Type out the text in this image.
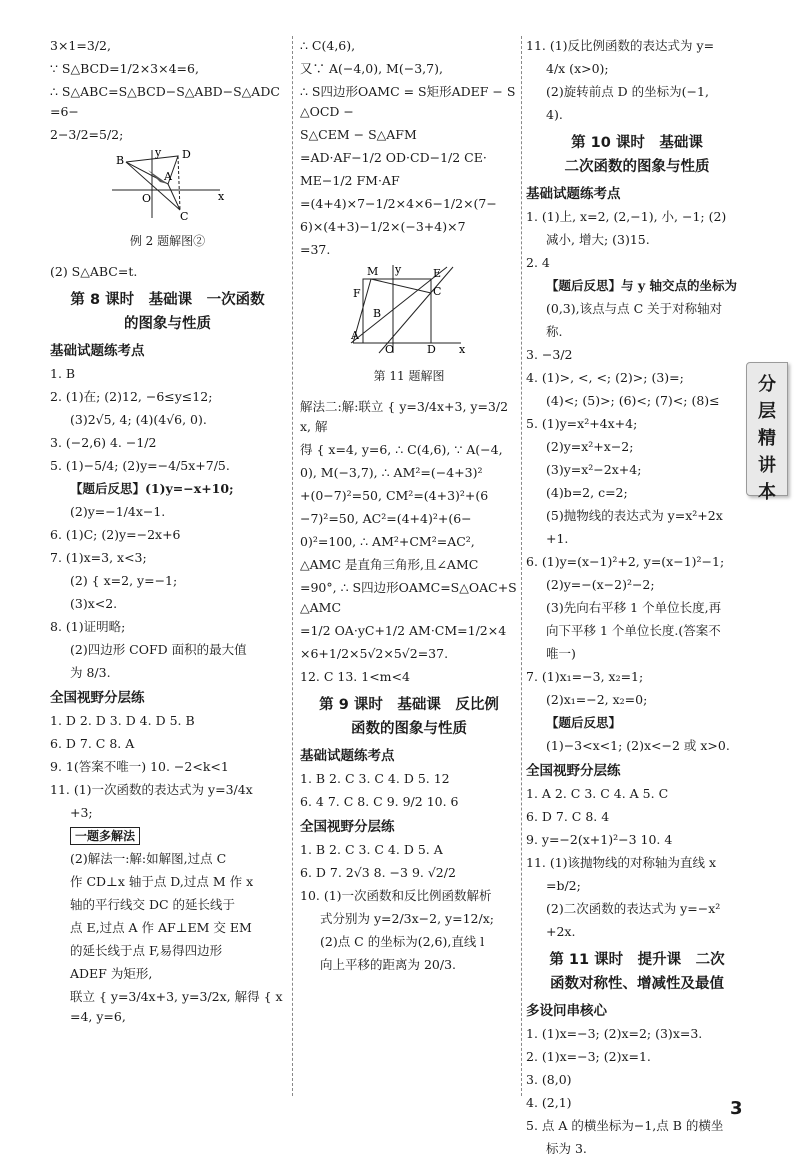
3×1=3/2,

∵ S△BCD=1/2×3×4=6,

∴ S△ABC=S△BCD−S△ABD−S△ADC=6−

2−3/2=5/2;

B	D
A
O	x
C
y

例 2 题解图②

(2) S△ABC=t.

第 8 课时　基础课　一次函数

的图象与性质

基础试题练考点

1. B

2. (1)在; (2)12, −6≤y≤12;

(3)2√5, 4; (4)(4√6, 0).

3. (−2,6) 4. −1/2

5. (1)−5/4; (2)y=−4/5x+7/5.

【题后反思】(1)y=−x+10;

(2)y=−1/4x−1.

6. (1)C; (2)y=−2x+6

7. (1)x=3, x<3;

(2) { x=2, y=−1;

(3)x<2.

8. (1)证明略;

(2)四边形 COFD 面积的最大值

为 8/3.

全国视野分层练

1. D 2. D 3. D 4. D 5. B

6. D 7. C 8. A

9. 1(答案不唯一) 10. −2<k<1

11. (1)一次函数的表达式为 y=3/4x

+3;

一题多解法

(2)解法一:解:如解图,过点 C

作 CD⊥x 轴于点 D,过点 M 作 x

轴的平行线交 DC 的延长线于

点 E,过点 A 作 AF⊥EM 交 EM

的延长线于点 F,易得四边形

ADEF 为矩形,

联立 { y=3/4x+3, y=3/2x, 解得 { x=4, y=6,

∴ C(4,6),

又∵ A(−4,0), M(−3,7),

∴ S四边形OAMC = S矩形ADEF − S△OCD −

S△CEM − S△AFM

=AD·AF−1/2 OD·CD−1/2 CE·

ME−1/2 FM·AF

=(4+4)×7−1/2×4×6−1/2×(7−

6)×(4+3)−1/2×(−3+4)×7

=37.

y
F
M	E
C
B
A
O	D x

第 11 题解图

解法二:解:联立 { y=3/4x+3, y=3/2x, 解

得 { x=4, y=6, ∴ C(4,6), ∵ A(−4,

0), M(−3,7), ∴ AM²=(−4+3)²

+(0−7)²=50, CM²=(4+3)²+(6

−7)²=50, AC²=(4+4)²+(6−

0)²=100, ∴ AM²+CM²=AC²,

△AMC 是直角三角形,且∠AMC

=90°, ∴ S四边形OAMC=S△OAC+S△AMC

=1/2 OA·yC+1/2 AM·CM=1/2×4

×6+1/2×5√2×5√2=37.

12. C 13. 1<m<4

第 9 课时　基础课　反比例

函数的图象与性质

基础试题练考点

1. B 2. C 3. C 4. D 5. 12

6. 4 7. C 8. C 9. 9/2 10. 6

全国视野分层练

1. B 2. C 3. C 4. D 5. A

6. D 7. 2√3 8. −3 9. √2/2

10. (1)一次函数和反比例函数解析

式分别为 y=2/3x−2, y=12/x;

(2)点 C 的坐标为(2,6),直线 l

向上平移的距离为 20/3.

11. (1)反比例函数的表达式为 y=

4/x (x>0);

(2)旋转前点 D 的坐标为(−1,

4).

第 10 课时　基础课

二次函数的图象与性质

基础试题练考点

1. (1)上, x=2, (2,−1), 小, −1; (2)

减小, 增大; (3)15.

2. 4

【题后反思】与 y 轴交点的坐标为

(0,3),该点与点 C 关于对称轴对

称.

3. −3/2

4. (1)>, <, <; (2)>; (3)=;

(4)<; (5)>; (6)<; (7)<; (8)≤

5. (1)y=x²+4x+4;

(2)y=x²+x−2;

(3)y=x²−2x+4;

(4)b=2, c=2;

(5)抛物线的表达式为 y=x²+2x

+1.

6. (1)y=(x−1)²+2, y=(x−1)²−1;

(2)y=−(x−2)²−2;

(3)先向右平移 1 个单位长度,再

向下平移 1 个单位长度.(答案不

唯一)

7. (1)x₁=−3, x₂=1;

(2)x₁=−2, x₂=0;

【题后反思】

(1)−3<x<1; (2)x<−2 或 x>0.

全国视野分层练

1. A 2. C 3. C 4. A 5. C

6. D 7. C 8. 4

9. y=−2(x+1)²−3 10. 4

11. (1)该抛物线的对称轴为直线 x

=b/2;

(2)二次函数的表达式为 y=−x²

+2x.

第 11 课时　提升课　二次

函数对称性、增减性及最值

多设问串核心

1. (1)x=−3; (2)x=2; (3)x=3.

2. (1)x=−3; (2)x=1.

3. (8,0)

4. (2,1)

5. 点 A 的横坐标为−1,点 B 的横坐

标为 3.

分
层
精
讲
本
3
